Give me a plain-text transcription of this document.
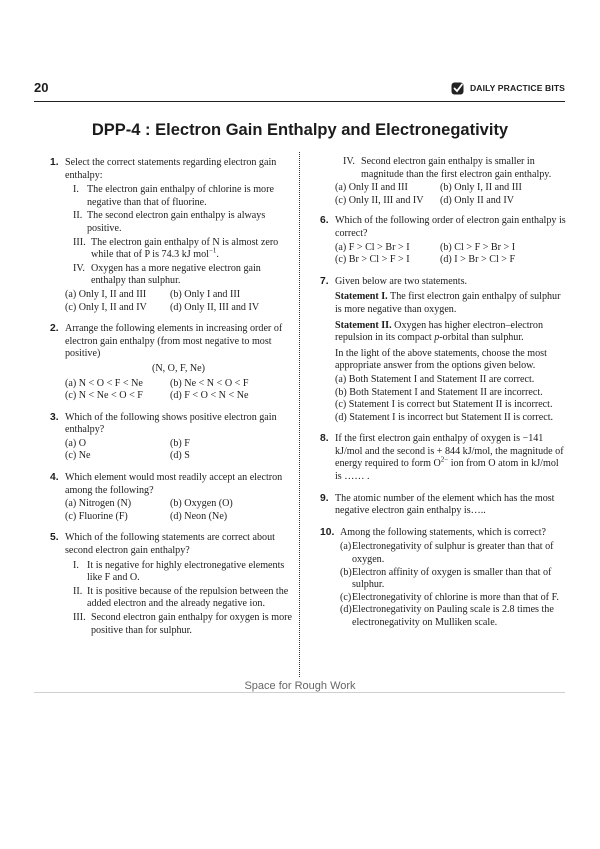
20	DAILY PRACTICE BITS
DPP-4 : Electron Gain Enthalpy and Electronegativity
1. Select the correct statements regarding electron gain enthalpy:
I. The electron gain enthalpy of chlorine is more negative than that of fluorine.
II. The second electron gain enthalpy is always positive.
III. The electron gain enthalpy of N is almost zero while that of P is 74.3 kJ mol$^{-1}$.
IV. Oxygen has a more negative electron gain enthalpy than sulphur.
(a) Only I, II and III	(b) Only I and III
(c) Only I, II and IV	(d) Only II, III and IV
2. Arrange the following elements in increasing order of electron gain enthalpy (from most negative to most positive)
(N, O, F, Ne)
(a) N < O < F < Ne	(b) Ne < N < O < F
(c) N < Ne < O < F	(d) F < O < N < Ne
3. Which of the following shows positive electron gain enthalpy?
(a) O	(b) F
(c) Ne	(d) S
4. Which element would most readily accept an electron among the following?
(a) Nitrogen (N)	(b) Oxygen (O)
(c) Fluorine (F)	(d) Neon (Ne)
5. Which of the following statements are correct about second electron gain enthalpy?
I. It is negative for highly electronegative elements like F and O.
II. It is positive because of the repulsion between the added electron and the already negative ion.
III. Second electron gain enthalpy for oxygen is more positive than for sulphur.
IV. Second electron gain enthalpy is smaller in magnitude than the first electron gain enthalpy.
(a) Only II and III	(b) Only I, II and III
(c) Only II, III and IV	(d) Only II and IV
6. Which of the following order of electron gain enthalpy is correct?
(a) F > Cl > Br > I	(b) Cl > F > Br > I
(c) Br > Cl > F > I	(d) I > Br > Cl > F
7. Given below are two statements.
Statement I. The first electron gain enthalpy of sulphur is more negative than oxygen.
Statement II. Oxygen has higher electron–electron repulsion in its compact p-orbital than sulphur.
In the light of the above statements, choose the most appropriate answer from the options given below.
(a) Both Statement I and Statement II are correct.
(b) Both Statement I and Statement II are incorrect.
(c) Statement I is correct but Statement II is incorrect.
(d) Statement I is incorrect but Statement II is correct.
8. If the first electron gain enthalpy of oxygen is −141 kJ/mol and the second is + 844 kJ/mol, the magnitude of energy required to form $O^{2-}$ ion from O atom in kJ/mol is …… .
9. The atomic number of the element which has the most negative electron gain enthalpy is…..
10. Among the following statements, which is correct?
(a) Electronegativity of sulphur is greater than that of oxygen.
(b) Electron affinity of oxygen is smaller than that of sulphur.
(c) Electronegativity of chlorine is more than that of F.
(d) Electronegativity on Pauling scale is 2.8 times the electronegativity on Mulliken scale.
Space for Rough Work
